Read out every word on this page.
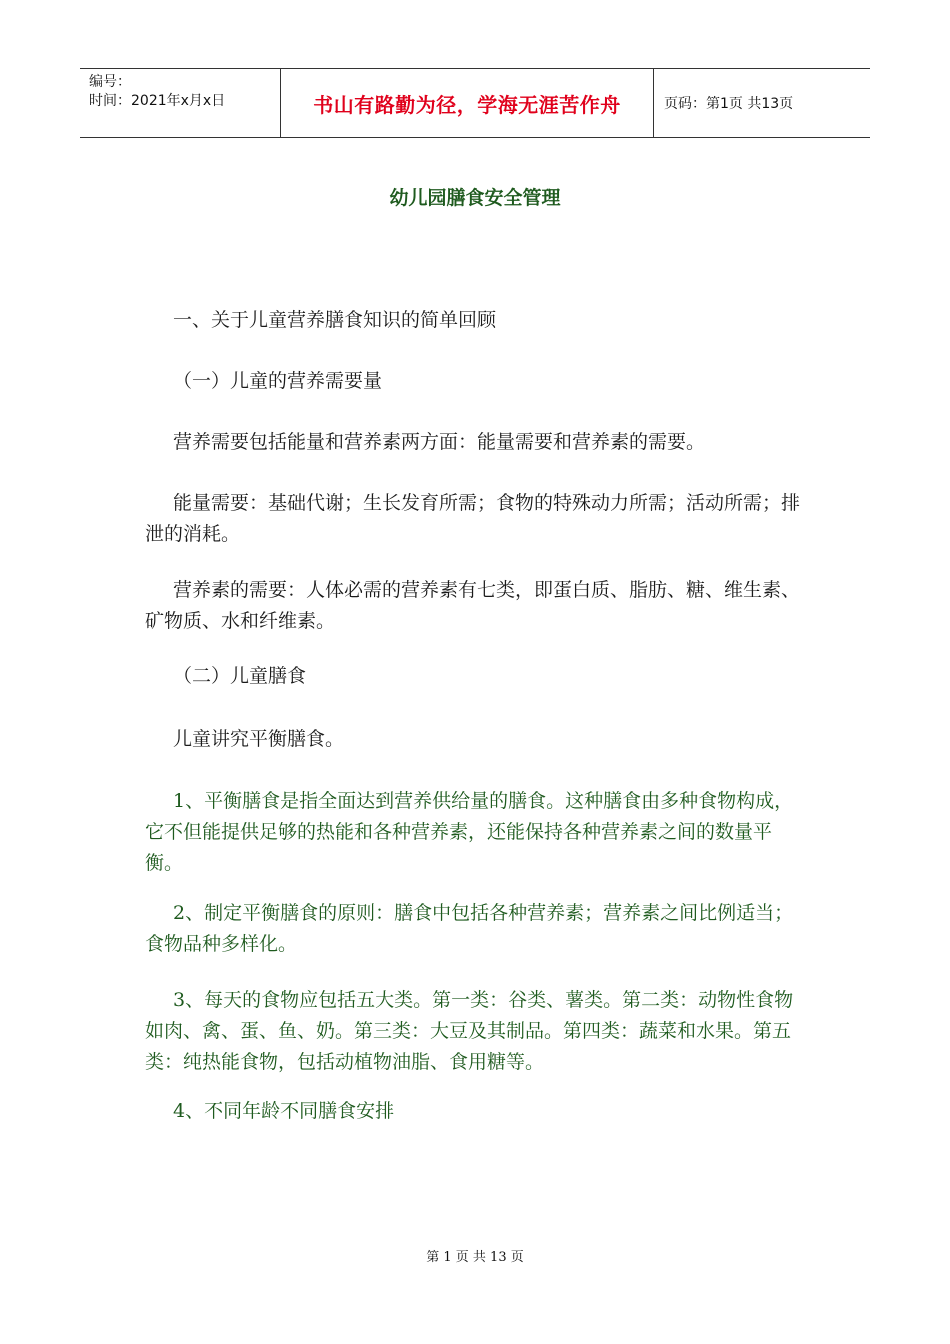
编号：
时间：2021年x月x日	书山有路勤为径，学海无涯苦作舟	页码：第1页 共13页
幼儿园膳食安全管理
一、关于儿童营养膳食知识的简单回顾
（一）儿童的营养需要量
营养需要包括能量和营养素两方面：能量需要和营养素的需要。
能量需要：基础代谢；生长发育所需；食物的特殊动力所需；活动所需；排泄的消耗。
营养素的需要：人体必需的营养素有七类，即蛋白质、脂肪、糖、维生素、矿物质、水和纤维素。
（二）儿童膳食
儿童讲究平衡膳食。
1、平衡膳食是指全面达到营养供给量的膳食。这种膳食由多种食物构成，它不但能提供足够的热能和各种营养素，还能保持各种营养素之间的数量平衡。
2、制定平衡膳食的原则：膳食中包括各种营养素；营养素之间比例适当；食物品种多样化。
3、每天的食物应包括五大类。第一类：谷类、薯类。第二类：动物性食物如肉、禽、蛋、鱼、奶。第三类：大豆及其制品。第四类：蔬菜和水果。第五类：纯热能食物，包括动植物油脂、食用糖等。
4、不同年龄不同膳食安排
第 1 页 共 13 页
